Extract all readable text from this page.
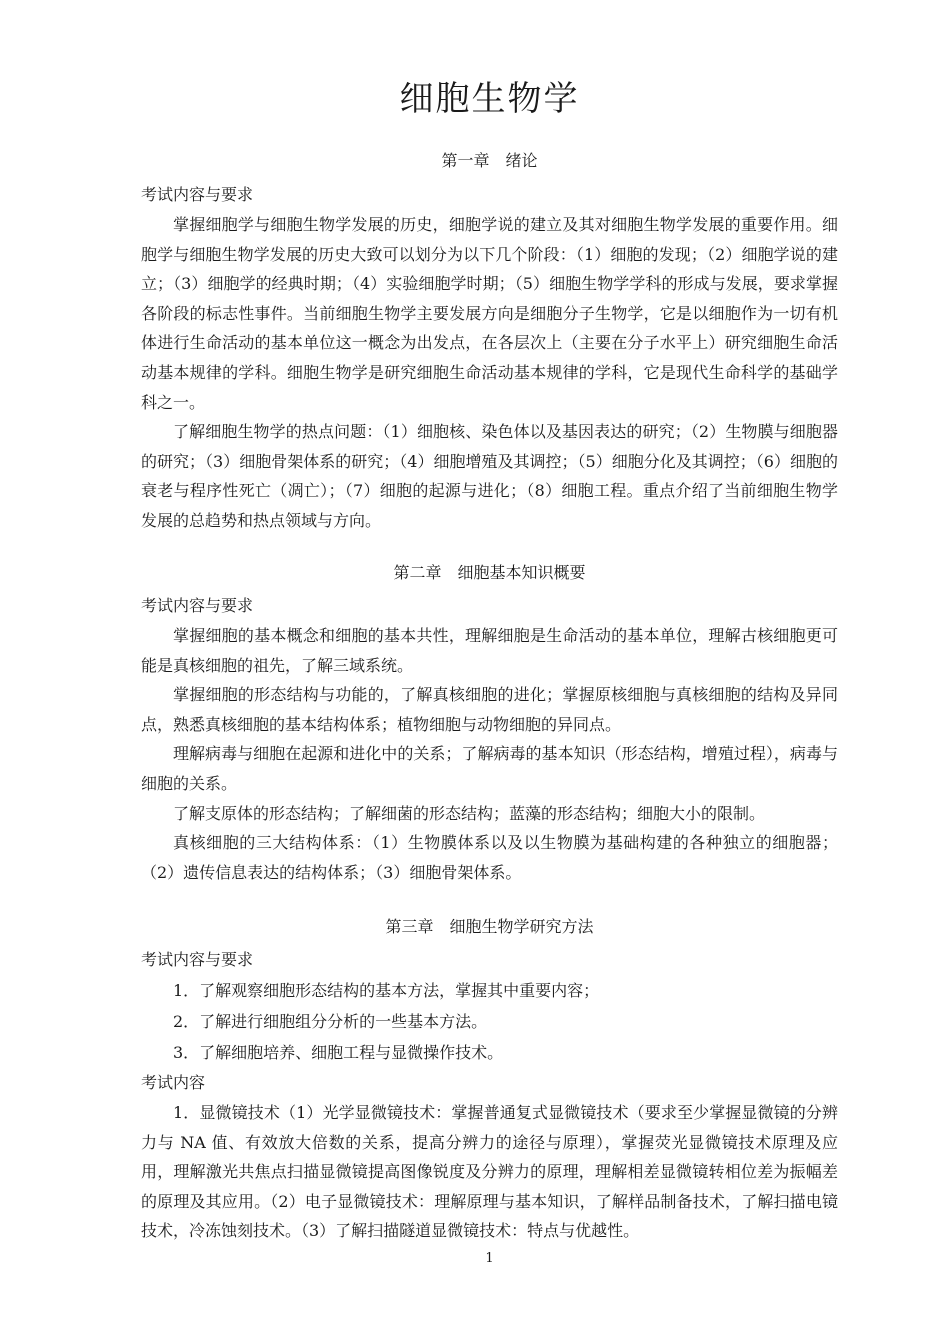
细胞生物学
第一章　绪论
考试内容与要求

掌握细胞学与细胞生物学发展的历史，细胞学说的建立及其对细胞生物学发展的重要作用。细胞学与细胞生物学发展的历史大致可以划分为以下几个阶段：（1）细胞的发现；（2）细胞学说的建立；（3）细胞学的经典时期；（4）实验细胞学时期；（5）细胞生物学学科的形成与发展，要求掌握各阶段的标志性事件。当前细胞生物学主要发展方向是细胞分子生物学，它是以细胞作为一切有机体进行生命活动的基本单位这一概念为出发点，在各层次上（主要在分子水平上）研究细胞生命活动基本规律的学科。细胞生物学是研究细胞生命活动基本规律的学科，它是现代生命科学的基础学科之一。

了解细胞生物学的热点问题：（1）细胞核、染色体以及基因表达的研究；（2）生物膜与细胞器的研究；（3）细胞骨架体系的研究；（4）细胞增殖及其调控；（5）细胞分化及其调控；（6）细胞的衰老与程序性死亡（凋亡）；（7）细胞的起源与进化；（8）细胞工程。重点介绍了当前细胞生物学发展的总趋势和热点领域与方向。

第二章　细胞基本知识概要
考试内容与要求

掌握细胞的基本概念和细胞的基本共性，理解细胞是生命活动的基本单位，理解古核细胞更可能是真核细胞的祖先，了解三域系统。

掌握细胞的形态结构与功能的，了解真核细胞的进化；掌握原核细胞与真核细胞的结构及异同点，熟悉真核细胞的基本结构体系；植物细胞与动物细胞的异同点。

理解病毒与细胞在起源和进化中的关系；了解病毒的基本知识（形态结构，增殖过程），病毒与细胞的关系。

了解支原体的形态结构；了解细菌的形态结构；蓝藻的形态结构；细胞大小的限制。

真核细胞的三大结构体系：（1）生物膜体系以及以生物膜为基础构建的各种独立的细胞器；（2）遗传信息表达的结构体系；（3）细胞骨架体系。

第三章　细胞生物学研究方法
考试内容与要求

1．了解观察细胞形态结构的基本方法，掌握其中重要内容；

2．了解进行细胞组分分析的一些基本方法。

3．了解细胞培养、细胞工程与显微操作技术。

考试内容

1．显微镜技术（1）光学显微镜技术：掌握普通复式显微镜技术（要求至少掌握显微镜的分辨力与 NA 值、有效放大倍数的关系，提高分辨力的途径与原理），掌握荧光显微镜技术原理及应用，理解激光共焦点扫描显微镜提高图像锐度及分辨力的原理，理解相差显微镜转相位差为振幅差的原理及其应用。（2）电子显微镜技术：理解原理与基本知识，了解样品制备技术，了解扫描电镜技术，冷冻蚀刻技术。（3）了解扫描隧道显微镜技术：特点与优越性。

1
